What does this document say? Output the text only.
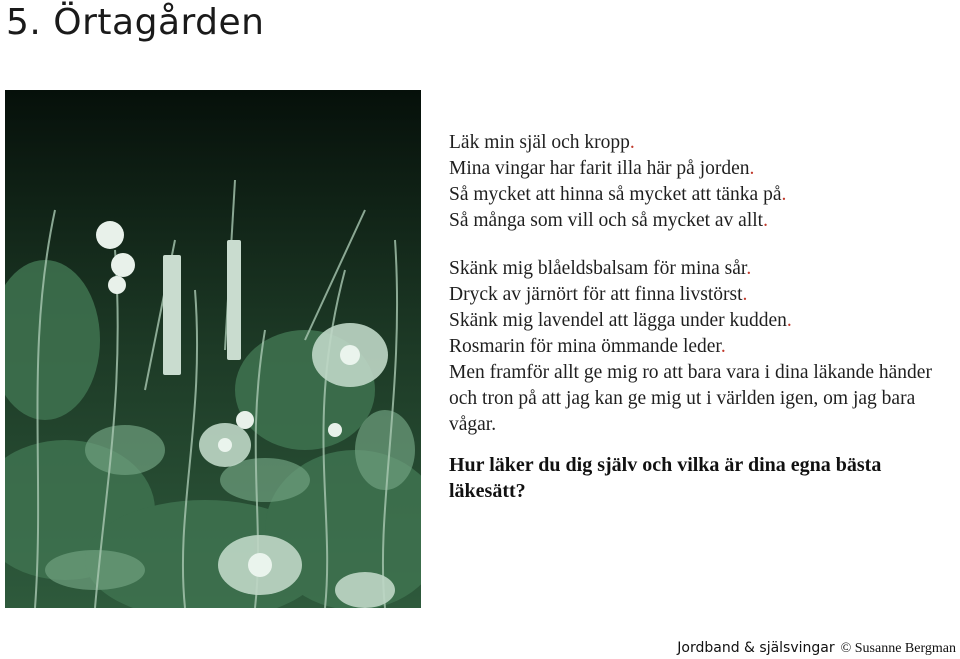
5. Örtagården
Läk min själ och kropp.
Mina vingar har farit illa här på jorden.
Så mycket att hinna så mycket att tänka på.
Så många som vill och så mycket av allt.
Skänk mig blåeldsbalsam för mina sår.
Dryck av järnört för att finna livstörst.
Skänk mig lavendel att lägga under kudden.
Rosmarin för mina ömmande leder.
Men framför allt ge mig ro att bara vara i dina läkande händer och tron på att jag kan ge mig ut i världen igen, om jag bara vågar.
Hur läker du dig själv och vilka är dina egna bästa läkesätt?
Jordband & själsvingar © Susanne Bergman
